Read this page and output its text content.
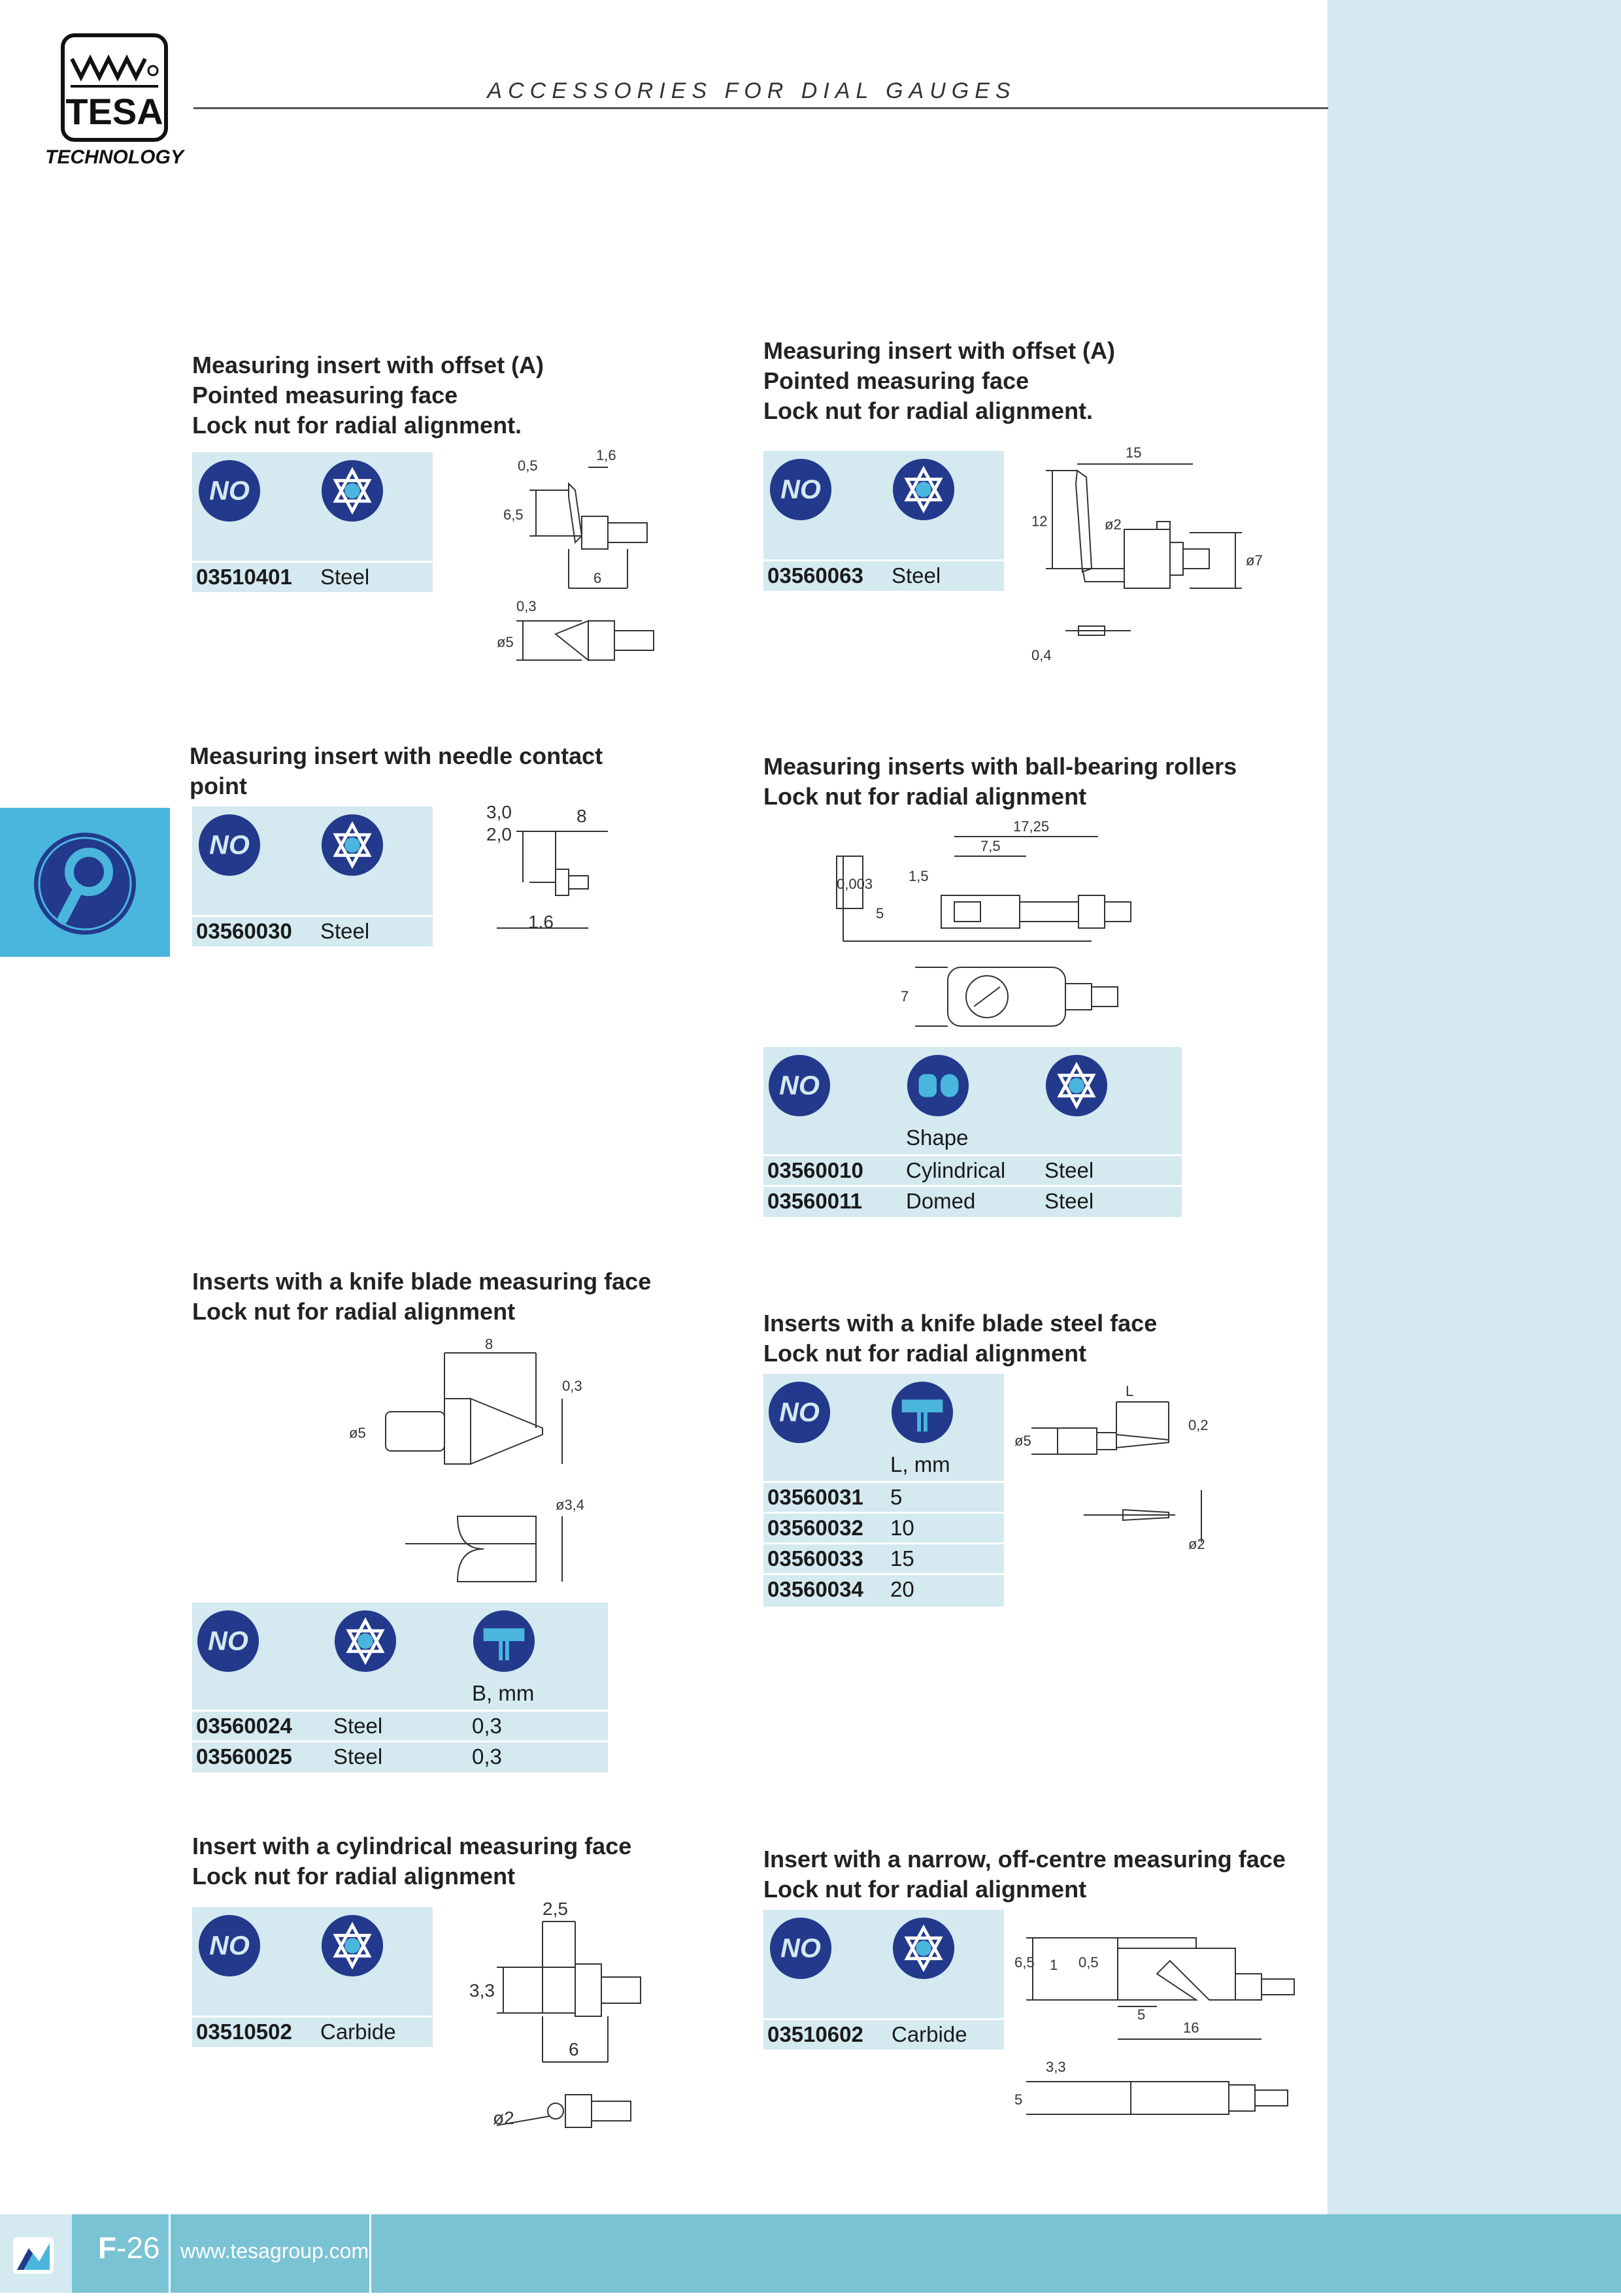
TESA
TECHNOLOGY
ACCESSORIES FOR DIAL GAUGES
Measuring insert with offset (A)
Pointed measuring face
Lock nut for radial alignment.
NO
03510401 Steel
0,5
1,6
6,5
6
0,3
ø5
Measuring insert with offset (A)
Pointed measuring face
Lock nut for radial alignment.
NO
03560063 Steel
15
12	ø2
ø7
0,4
Measuring insert with needle contact
point
NO
03560030 Steel
3,0
2,0
8
1.6
Measuring inserts with ball-bearing rollers
Lock nut for radial alignment
17,25
7,5
1,5
0,003
5
7
NO
Shape
03560010 Cylindrical Steel
03560011 Domed	Steel
Inserts with a knife blade measuring face
Lock nut for radial alignment
8
ø5
0,3
ø3,4
NO
B, mm
03560024 Steel	0,3
03560025 Steel	0,3
Inserts with a knife blade steel face
Lock nut for radial alignment
NO
L, mm
03560031 5
03560032 10
03560033 15
03560034 20
L
ø5
0,2
ø2
Insert with a cylindrical measuring face
Lock nut for radial alignment
NO
03510502 Carbide
2,5
3,3
6
ø2
Insert with a narrow, off-centre measuring face
Lock nut for radial alignment
NO
03510602 Carbide
6,5 1 0,5
5
16
3,3
5
F-26 www.tesagroup.com
